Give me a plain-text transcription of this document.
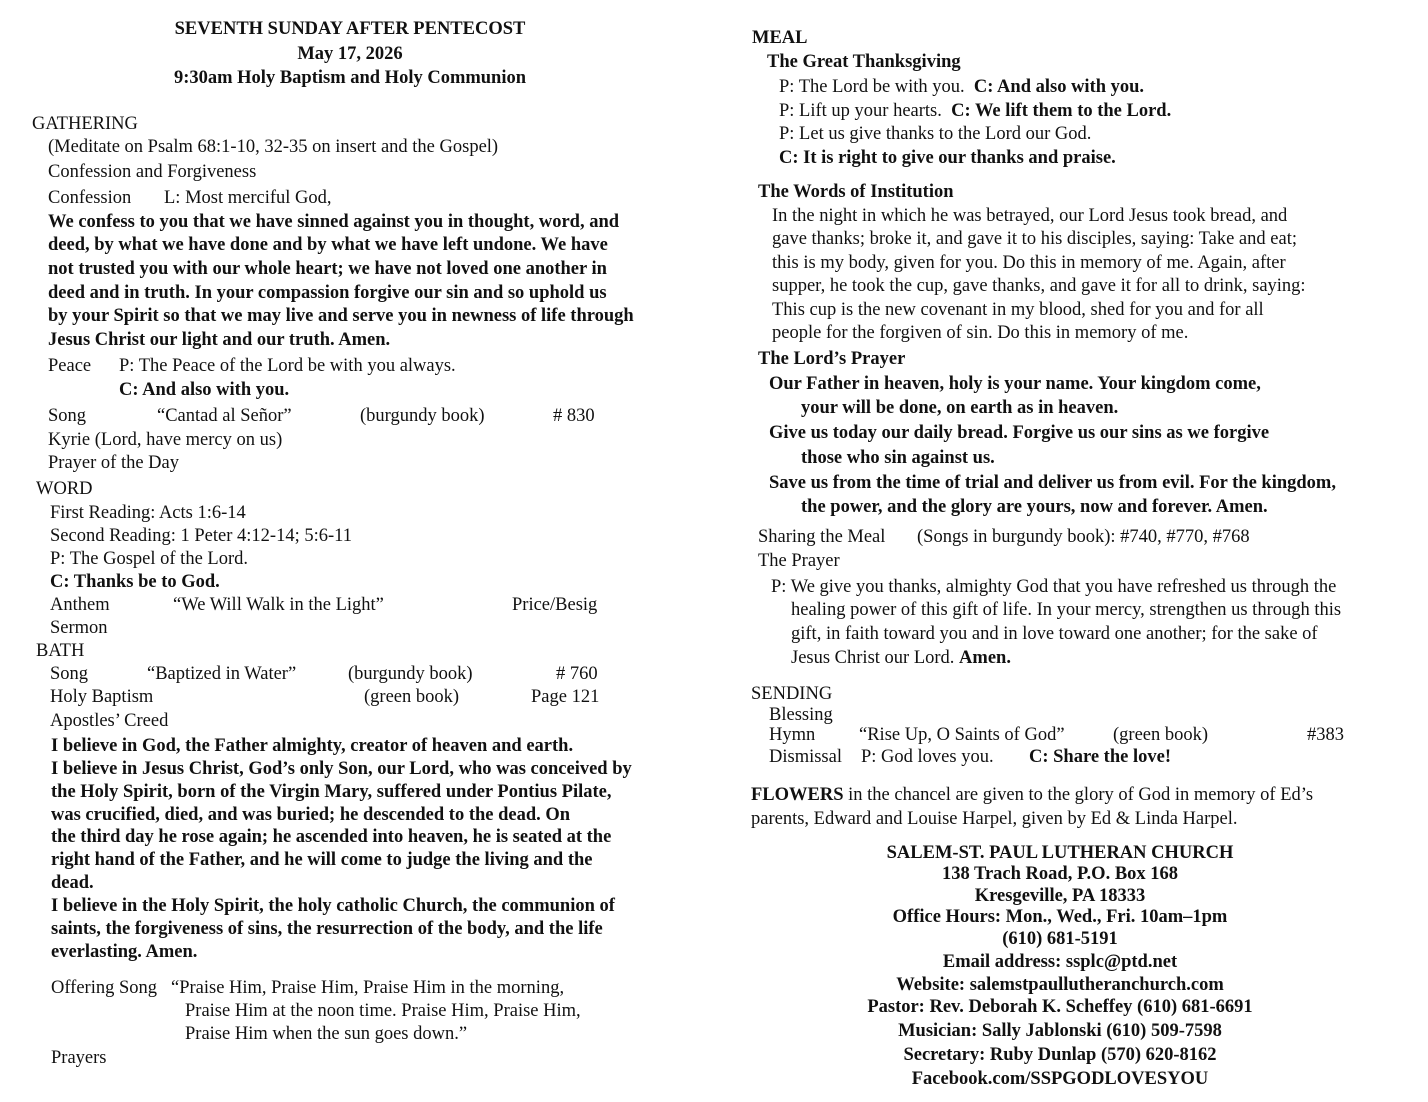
SEVENTH SUNDAY AFTER PENTECOST
May 17, 2026
9:30am Holy Baptism and Holy Communion
GATHERING
(Meditate on Psalm 68:1-10, 32-35 on insert and the Gospel)
Confession and Forgiveness
Confession L: Most merciful God,
We confess to you that we have sinned against you in thought, word, and
deed, by what we have done and by what we have left undone. We have
not trusted you with our whole heart; we have not loved one another in
deed and in truth. In your compassion forgive our sin and so uphold us
by your Spirit so that we may live and serve you in newness of life through
Jesus Christ our light and our truth. Amen.
Peace P: The Peace of the Lord be with you always.
C: And also with you.
Song	“Cantad al Señor”	(burgundy book)	# 830
Kyrie (Lord, have mercy on us)
Prayer of the Day
WORD
First Reading: Acts 1:6-14
Second Reading: 1 Peter 4:12-14; 5:6-11
P: The Gospel of the Lord.
C: Thanks be to God.
Anthem	“We Will Walk in the Light”	Price/Besig
Sermon
BATH
Song	“Baptized in Water”	(burgundy book)	# 760
Holy Baptism	(green book)	Page 121
Apostles’ Creed
I believe in God, the Father almighty, creator of heaven and earth.
I believe in Jesus Christ, God’s only Son, our Lord, who was conceived by
the Holy Spirit, born of the Virgin Mary, suffered under Pontius Pilate,
was crucified, died, and was buried; he descended to the dead. On
the third day he rose again; he ascended into heaven, he is seated at the
right hand of the Father, and he will come to judge the living and the
dead.
I believe in the Holy Spirit, the holy catholic Church, the communion of
saints, the forgiveness of sins, the resurrection of the body, and the life
everlasting. Amen.
Offering Song “Praise Him, Praise Him, Praise Him in the morning,
Praise Him at the noon time. Praise Him, Praise Him,
Praise Him when the sun goes down.”
Prayers
MEAL
The Great Thanksgiving
P: The Lord be with you. C: And also with you.
P: Lift up your hearts. C: We lift them to the Lord.
P: Let us give thanks to the Lord our God.
C: It is right to give our thanks and praise.
The Words of Institution
In the night in which he was betrayed, our Lord Jesus took bread, and
gave thanks; broke it, and gave it to his disciples, saying: Take and eat;
this is my body, given for you. Do this in memory of me. Again, after
supper, he took the cup, gave thanks, and gave it for all to drink, saying:
This cup is the new covenant in my blood, shed for you and for all
people for the forgiven of sin. Do this in memory of me.
The Lord’s Prayer
Our Father in heaven, holy is your name. Your kingdom come,
your will be done, on earth as in heaven.
Give us today our daily bread. Forgive us our sins as we forgive
those who sin against us.
Save us from the time of trial and deliver us from evil. For the kingdom,
the power, and the glory are yours, now and forever. Amen.
Sharing the Meal (Songs in burgundy book): #740, #770, #768
The Prayer
P: We give you thanks, almighty God that you have refreshed us through the
healing power of this gift of life. In your mercy, strengthen us through this
gift, in faith toward you and in love toward one another; for the sake of
Jesus Christ our Lord. Amen.
SENDING
Blessing
Hymn “Rise Up, O Saints of God”	(green book)	#383
Dismissal P: God loves you. C: Share the love!
FLOWERS in the chancel are given to the glory of God in memory of Ed’s
parents, Edward and Louise Harpel, given by Ed & Linda Harpel.
SALEM-ST. PAUL LUTHERAN CHURCH
138 Trach Road, P.O. Box 168
Kresgeville, PA 18333
Office Hours: Mon., Wed., Fri. 10am–1pm
(610) 681-5191
Email address: ssplc@ptd.net
Website: salemstpaullutheranchurch.com
Pastor: Rev. Deborah K. Scheffey (610) 681-6691
Musician: Sally Jablonski (610) 509-7598
Secretary: Ruby Dunlap (570) 620-8162
Facebook.com/SSPGODLOVESYOU
